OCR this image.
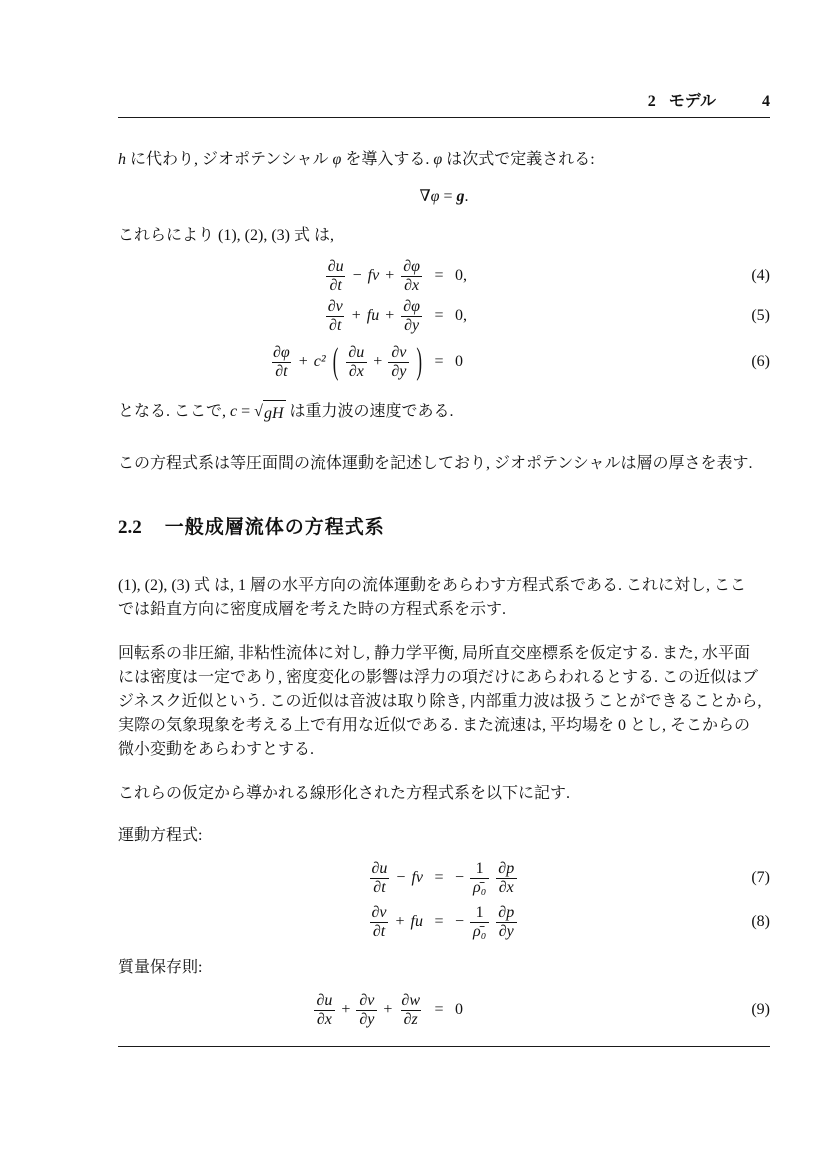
2 モデル	4
h に代わり, ジオポテンシャル φ を導入する. φ は次式で定義される:
∇φ = g.
これらにより (1), (2), (3) 式 は,
$\frac{\partial u}{\partial t}$ − fv + $\frac{\partial\varphi}{\partial x} = 0$,	(4)
$\frac{\partial v}{\partial t}$ + fu + $\frac{\partial\varphi}{\partial y} = 0$,	(5)
$\frac{\partial\varphi}{\partial t} + c^2$ ( $\frac{\partial u}{\partial x} + \frac{\partial v}{\partial y}$ ) = 0	(6)
となる. ここで, c = √ gH は重力波の速度である.
この方程式系は等圧面間の流体運動を記述しており, ジオポテンシャルは層の厚さを表す.
2.2 一般成層流体の方程式系
(1), (2), (3) 式 は, 1 層の水平方向の流体運動をあらわす方程式系である. これに対し, ここ
では鉛直方向に密度成層を考えた時の方程式系を示す.
回転系の非圧縮, 非粘性流体に対し, 静力学平衡, 局所直交座標系を仮定する. また, 水平面
には密度は一定であり, 密度変化の影響は浮力の項だけにあらわれるとする. この近似はブ
ジネスク近似という. この近似は音波は取り除き, 内部重力波は扱うことができることから,
実際の気象現象を考える上で有用な近似である. また流速は, 平均場を 0 とし, そこからの
微小変動をあらわすとする.
これらの仮定から導かれる線形化された方程式系を以下に記す.
運動方程式:
$\frac{\partial u}{\partial t}$ − fv = − $\frac{1}{\text{ρ̄₀}} \frac{\partial p}{\partial x}$	(7)
$\frac{\partial v}{\partial t}$ + fu = − $\frac{1}{\text{ρ̄₀}} \frac{\partial p}{\partial y}$	(8)
質量保存則:
$\frac{\partial u}{\partial x} + \frac{\partial v}{\partial y} + \frac{\partial w}{\partial z} = 0$	(9)
